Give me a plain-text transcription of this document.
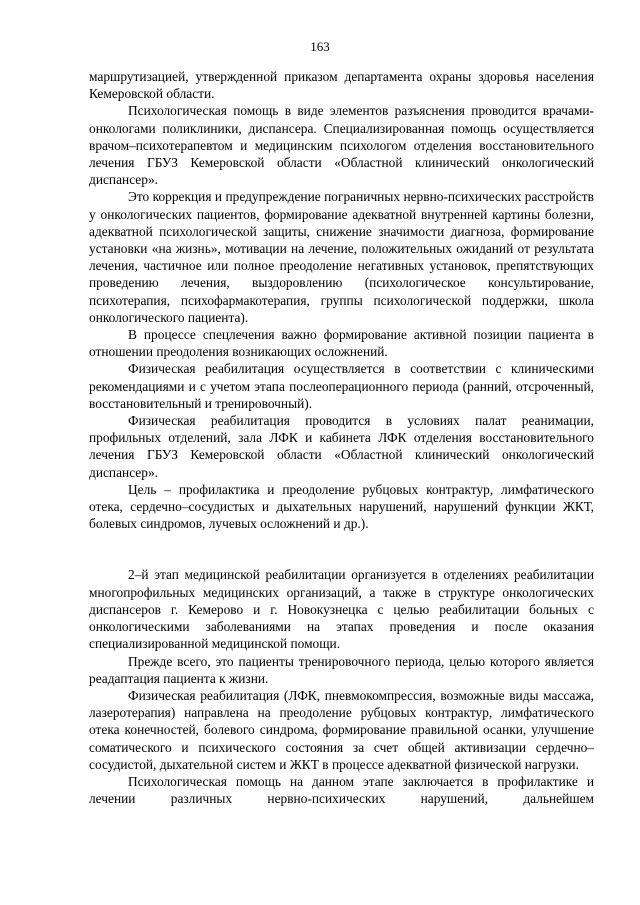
163

маршрутизацией, утвержденной приказом департамента охраны здоровья населения Кемеровской области.

Психологическая помощь в виде элементов разъяснения проводится врачами-онкологами поликлиники, диспансера. Специализированная помощь осуществляется врачом–психотерапевтом и медицинским психологом отделения восстановительного лечения ГБУЗ Кемеровской области «Областной клинический онкологический диспансер».

Это коррекция и предупреждение пограничных нервно-психических расстройств у онкологических пациентов, формирование адекватной внутренней картины болезни, адекватной психологической защиты, снижение значимости диагноза, формирование установки «на жизнь», мотивации на лечение, положительных ожиданий от результата лечения, частичное или полное преодоление негативных установок, препятствующих проведению лечения, выздоровлению (психологическое консультирование, психотерапия, психофармакотерапия, группы психологической поддержки, школа онкологического пациента).

В процессе спецлечения важно формирование активной позиции пациента в отношении преодоления возникающих осложнений.

Физическая реабилитация осуществляется в соответствии с клиническими рекомендациями и с учетом этапа послеоперационного периода (ранний, отсроченный, восстановительный и тренировочный).

Физическая реабилитация проводится в условиях палат реанимации, профильных отделений, зала ЛФК и кабинета ЛФК отделения восстановительного лечения ГБУЗ Кемеровской области «Областной клинический онкологический диспансер».

Цель – профилактика и преодоление рубцовых контрактур, лимфатического отека, сердечно–сосудистых и дыхательных нарушений, нарушений функции ЖКТ, болевых синдромов, лучевых осложнений и др.).

2–й этап медицинской реабилитации организуется в отделениях реабилитации многопрофильных медицинских организаций, а также в структуре онкологических диспансеров г. Кемерово и г. Новокузнецка с целью реабилитации больных с онкологическими заболеваниями на этапах проведения и после оказания специализированной медицинской помощи.

Прежде всего, это пациенты тренировочного периода, целью которого является реадаптация пациента к жизни.

Физическая реабилитация (ЛФК, пневмокомпрессия, возможные виды массажа, лазеротерапия) направлена на преодоление рубцовых контрактур, лимфатического отека конечностей, болевого синдрома, формирование правильной осанки, улучшение соматического и психического состояния за счет общей активизации сердечно–сосудистой, дыхательной систем и ЖКТ в процессе адекватной физической нагрузки.

Психологическая помощь на данном этапе заключается в профилактике и лечении различных нервно-психических нарушений, дальнейшем
